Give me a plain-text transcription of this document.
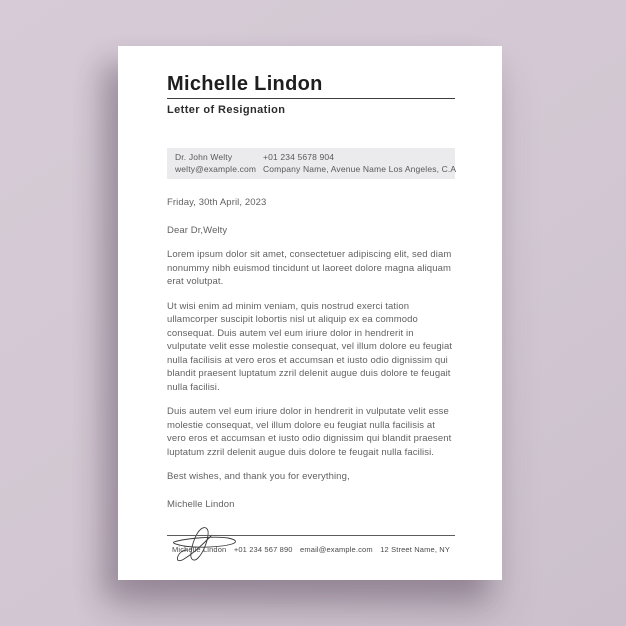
Michelle Lindon
Letter of Resignation
Dr. John Welty
welty@example.com
+01 234 5678 904
Company Name, Avenue Name Los Angeles, C.A
Friday, 30th April, 2023
Dear Dr,Welty

Lorem ipsum dolor sit amet, consectetuer adipiscing elit, sed diam nonummy nibh euismod tincidunt ut laoreet dolore magna aliquam erat volutpat.

Ut wisi enim ad minim veniam, quis nostrud exerci tation ullamcorper suscipit lobortis nisl ut aliquip ex ea commodo consequat. Duis autem vel eum iriure dolor in hendrerit in vulputate velit esse molestie consequat, vel illum dolore eu feugiat nulla facilisis at vero eros et accumsan et iusto odio dignissim qui blandit praesent luptatum zzril delenit augue duis dolore te feugait nulla facilisi.

Duis autem vel eum iriure dolor in hendrerit in vulputate velit esse molestie consequat, vel illum dolore eu feugiat nulla facilisis at vero eros et accumsan et iusto odio dignissim qui blandit praesent luptatum zzril delenit augue duis dolore te feugait nulla facilisi.

Best wishes, and thank you for everything,
Michelle Lindon
Michelle Lindon +01 234 567 890 email@example.com 12 Street Name, NY
